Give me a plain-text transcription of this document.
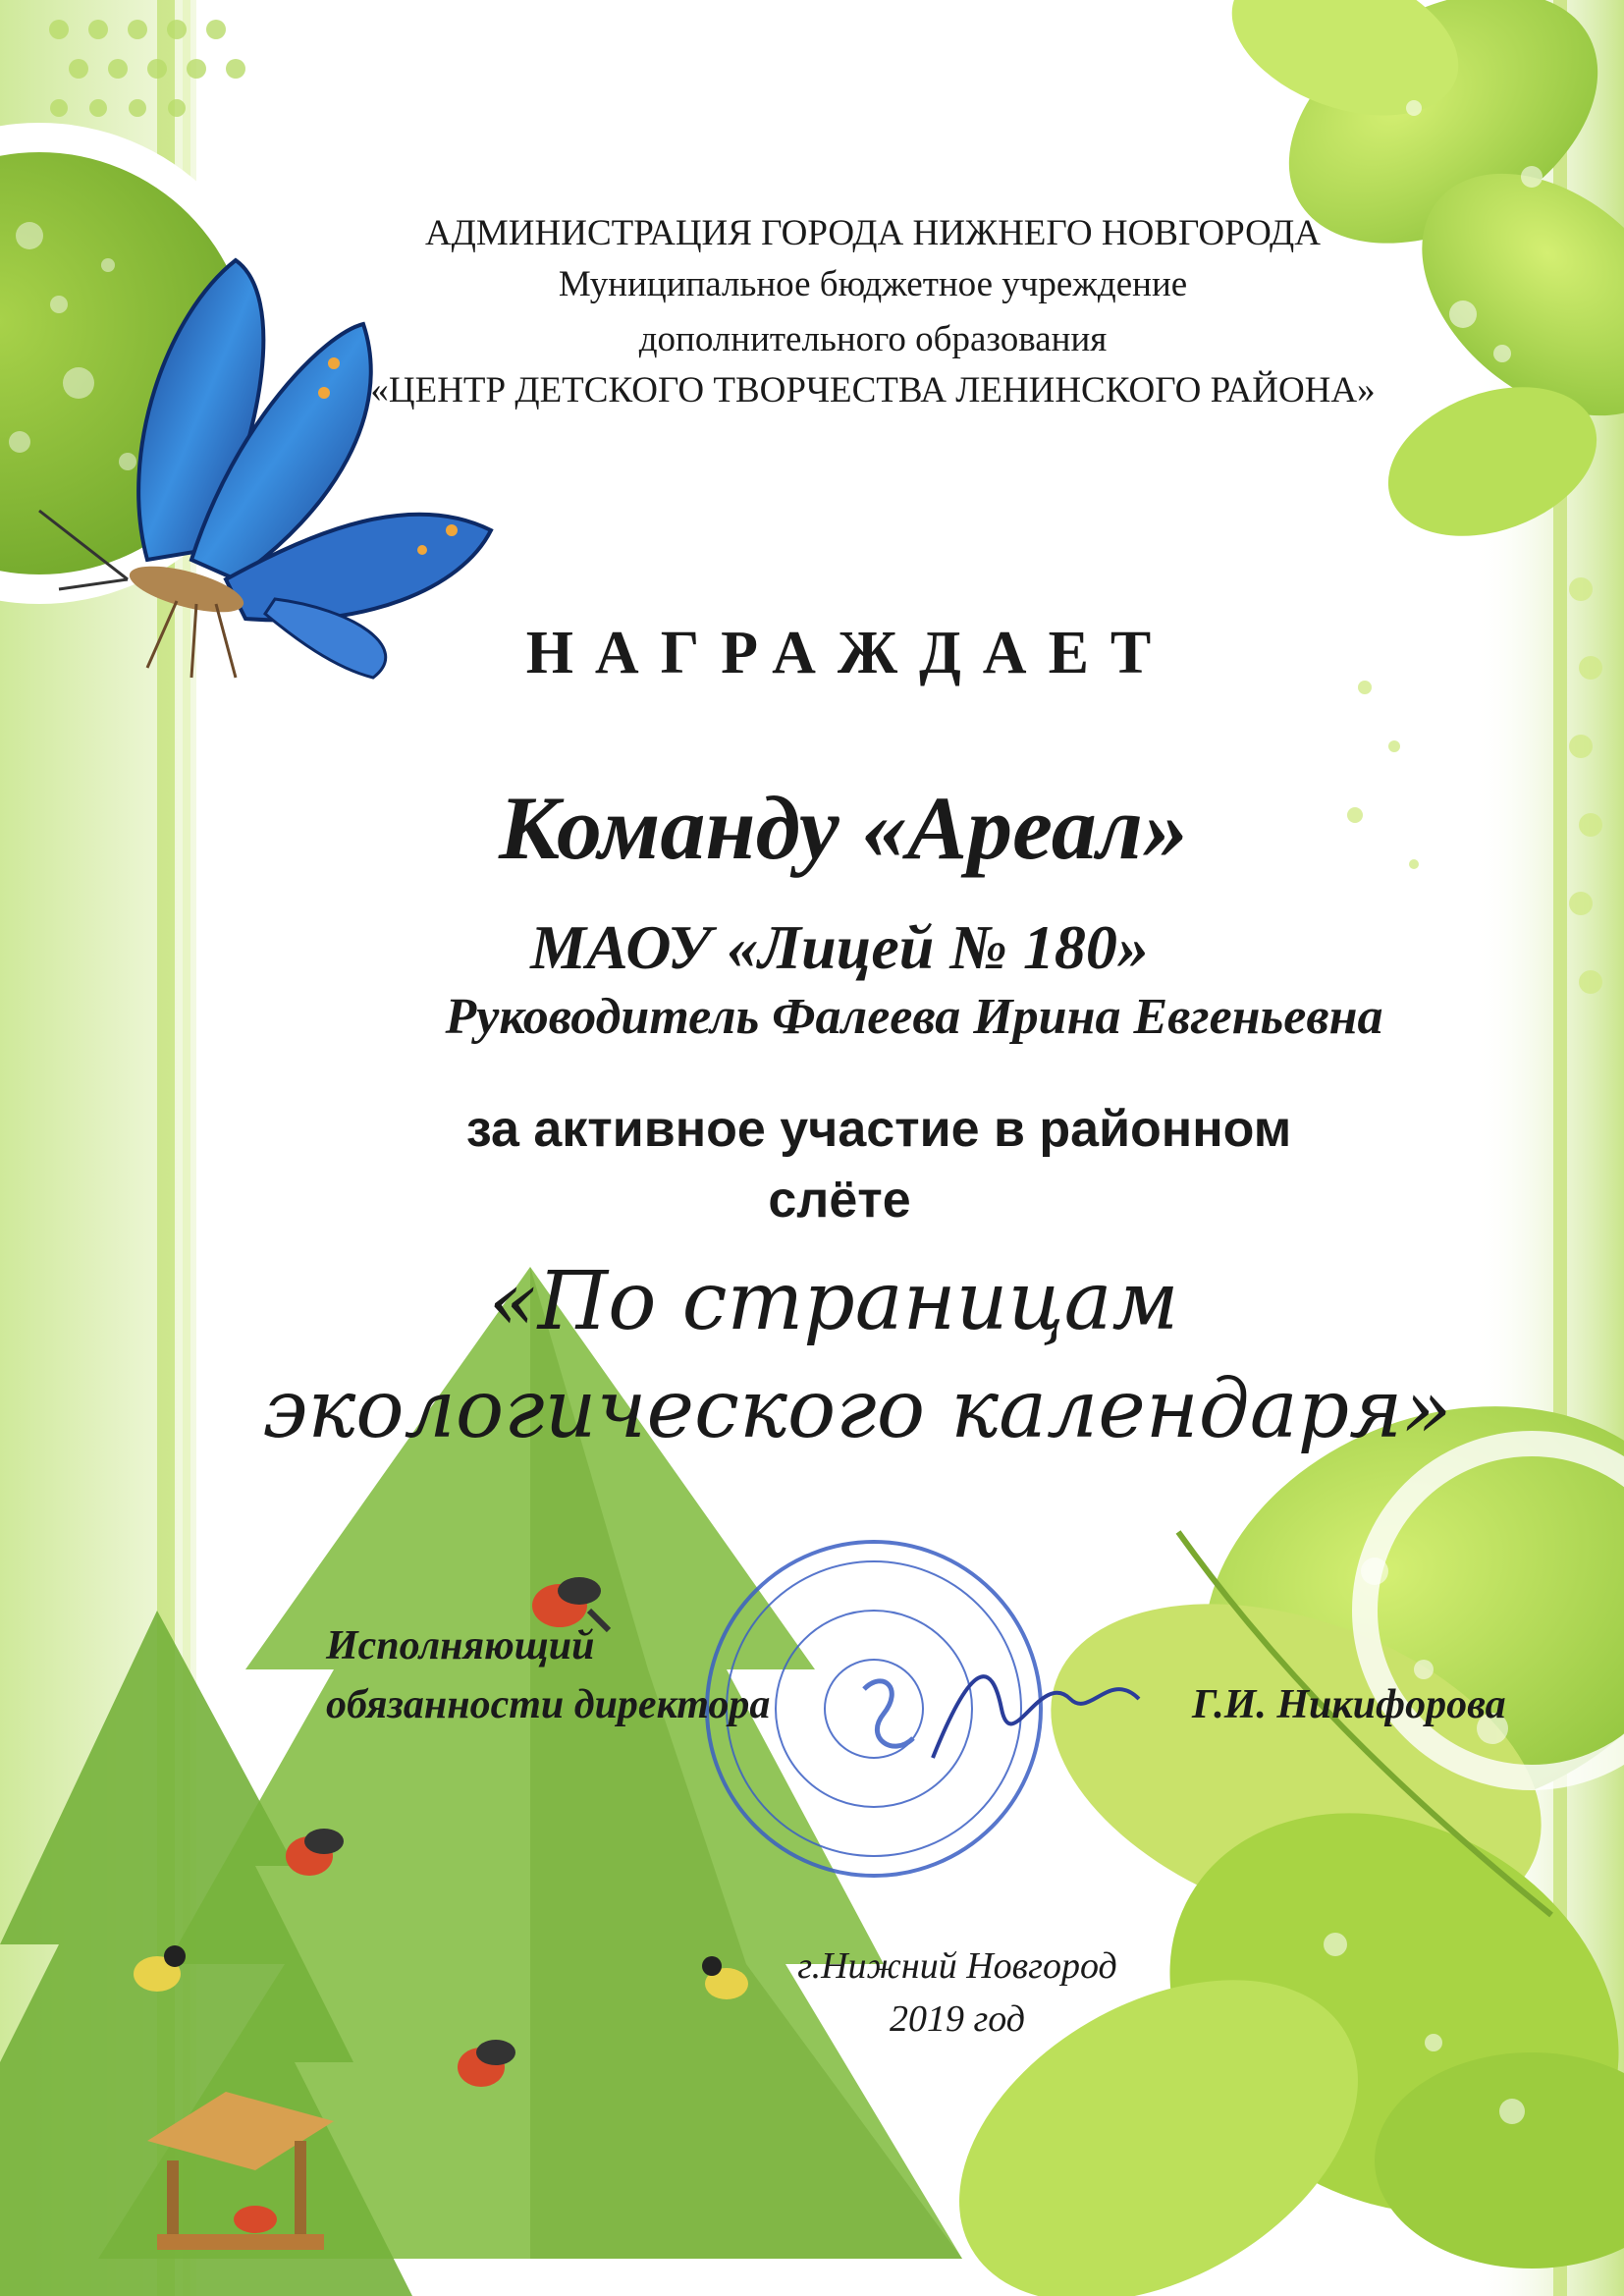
АДМИНИСТРАЦИЯ ГОРОДА НИЖНЕГО НОВГОРОДА
Муниципальное бюджетное учреждение
дополнительного образования
«ЦЕНТР ДЕТСКОГО ТВОРЧЕСТВА ЛЕНИНСКОГО РАЙОНА»
НАГРАЖДАЕТ
Команду «Ареал»
МАОУ «Лицей № 180»
Руководитель Фалеева Ирина Евгеньевна
за активное участие в районном
слёте
«По страницам
экологического календаря»
Исполняющий
обязанности директора	Г.И. Никифорова
г.Нижний Новгород
2019 год
